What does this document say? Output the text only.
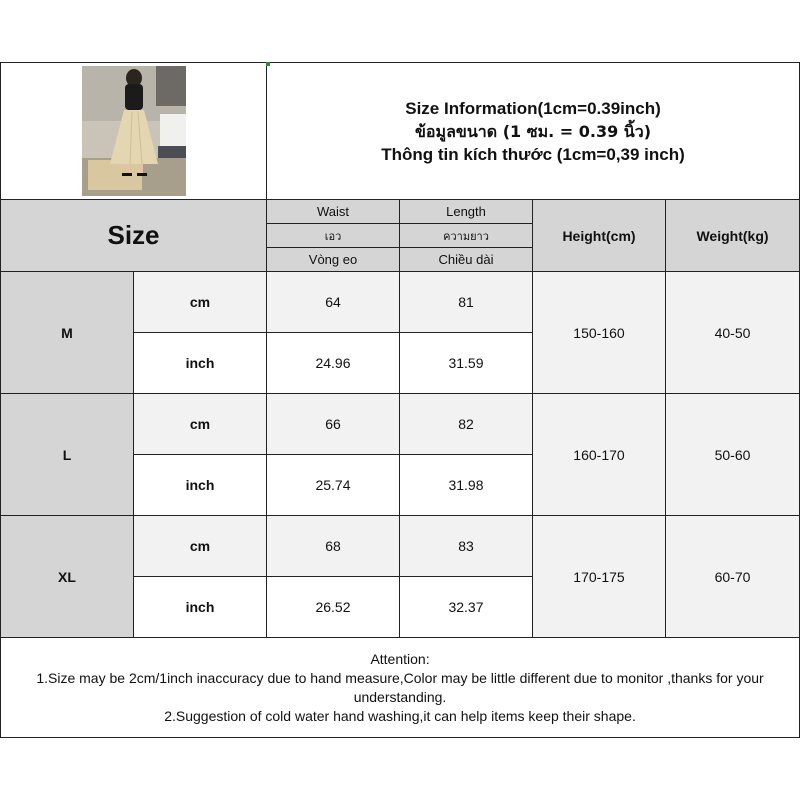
Size Information(1cm=0.39inch)
ข้อมูลขนาด (1 ซม. = 0.39 นิ้ว)
Thông tin kích thước (1cm=0,39 inch)			

Size		Waist	Length	Height(cm)	Weight(kg)
		เอว	ความยาว		
		Vòng eo	Chiều dài		
M	cm	64	81	150-160	40-50
	inch	24.96	31.59		
L	cm	66	82	160-170	50-60
	inch	25.74	31.98		
XL	cm	68	83	170-175	60-70
	inch	26.52	32.37		

Attention:
1.Size may be 2cm/1inch inaccuracy due to hand measure,Color may be little different due to monitor ,thanks for your understanding.
2.Suggestion of cold water hand washing,it can help items keep their shape.					
